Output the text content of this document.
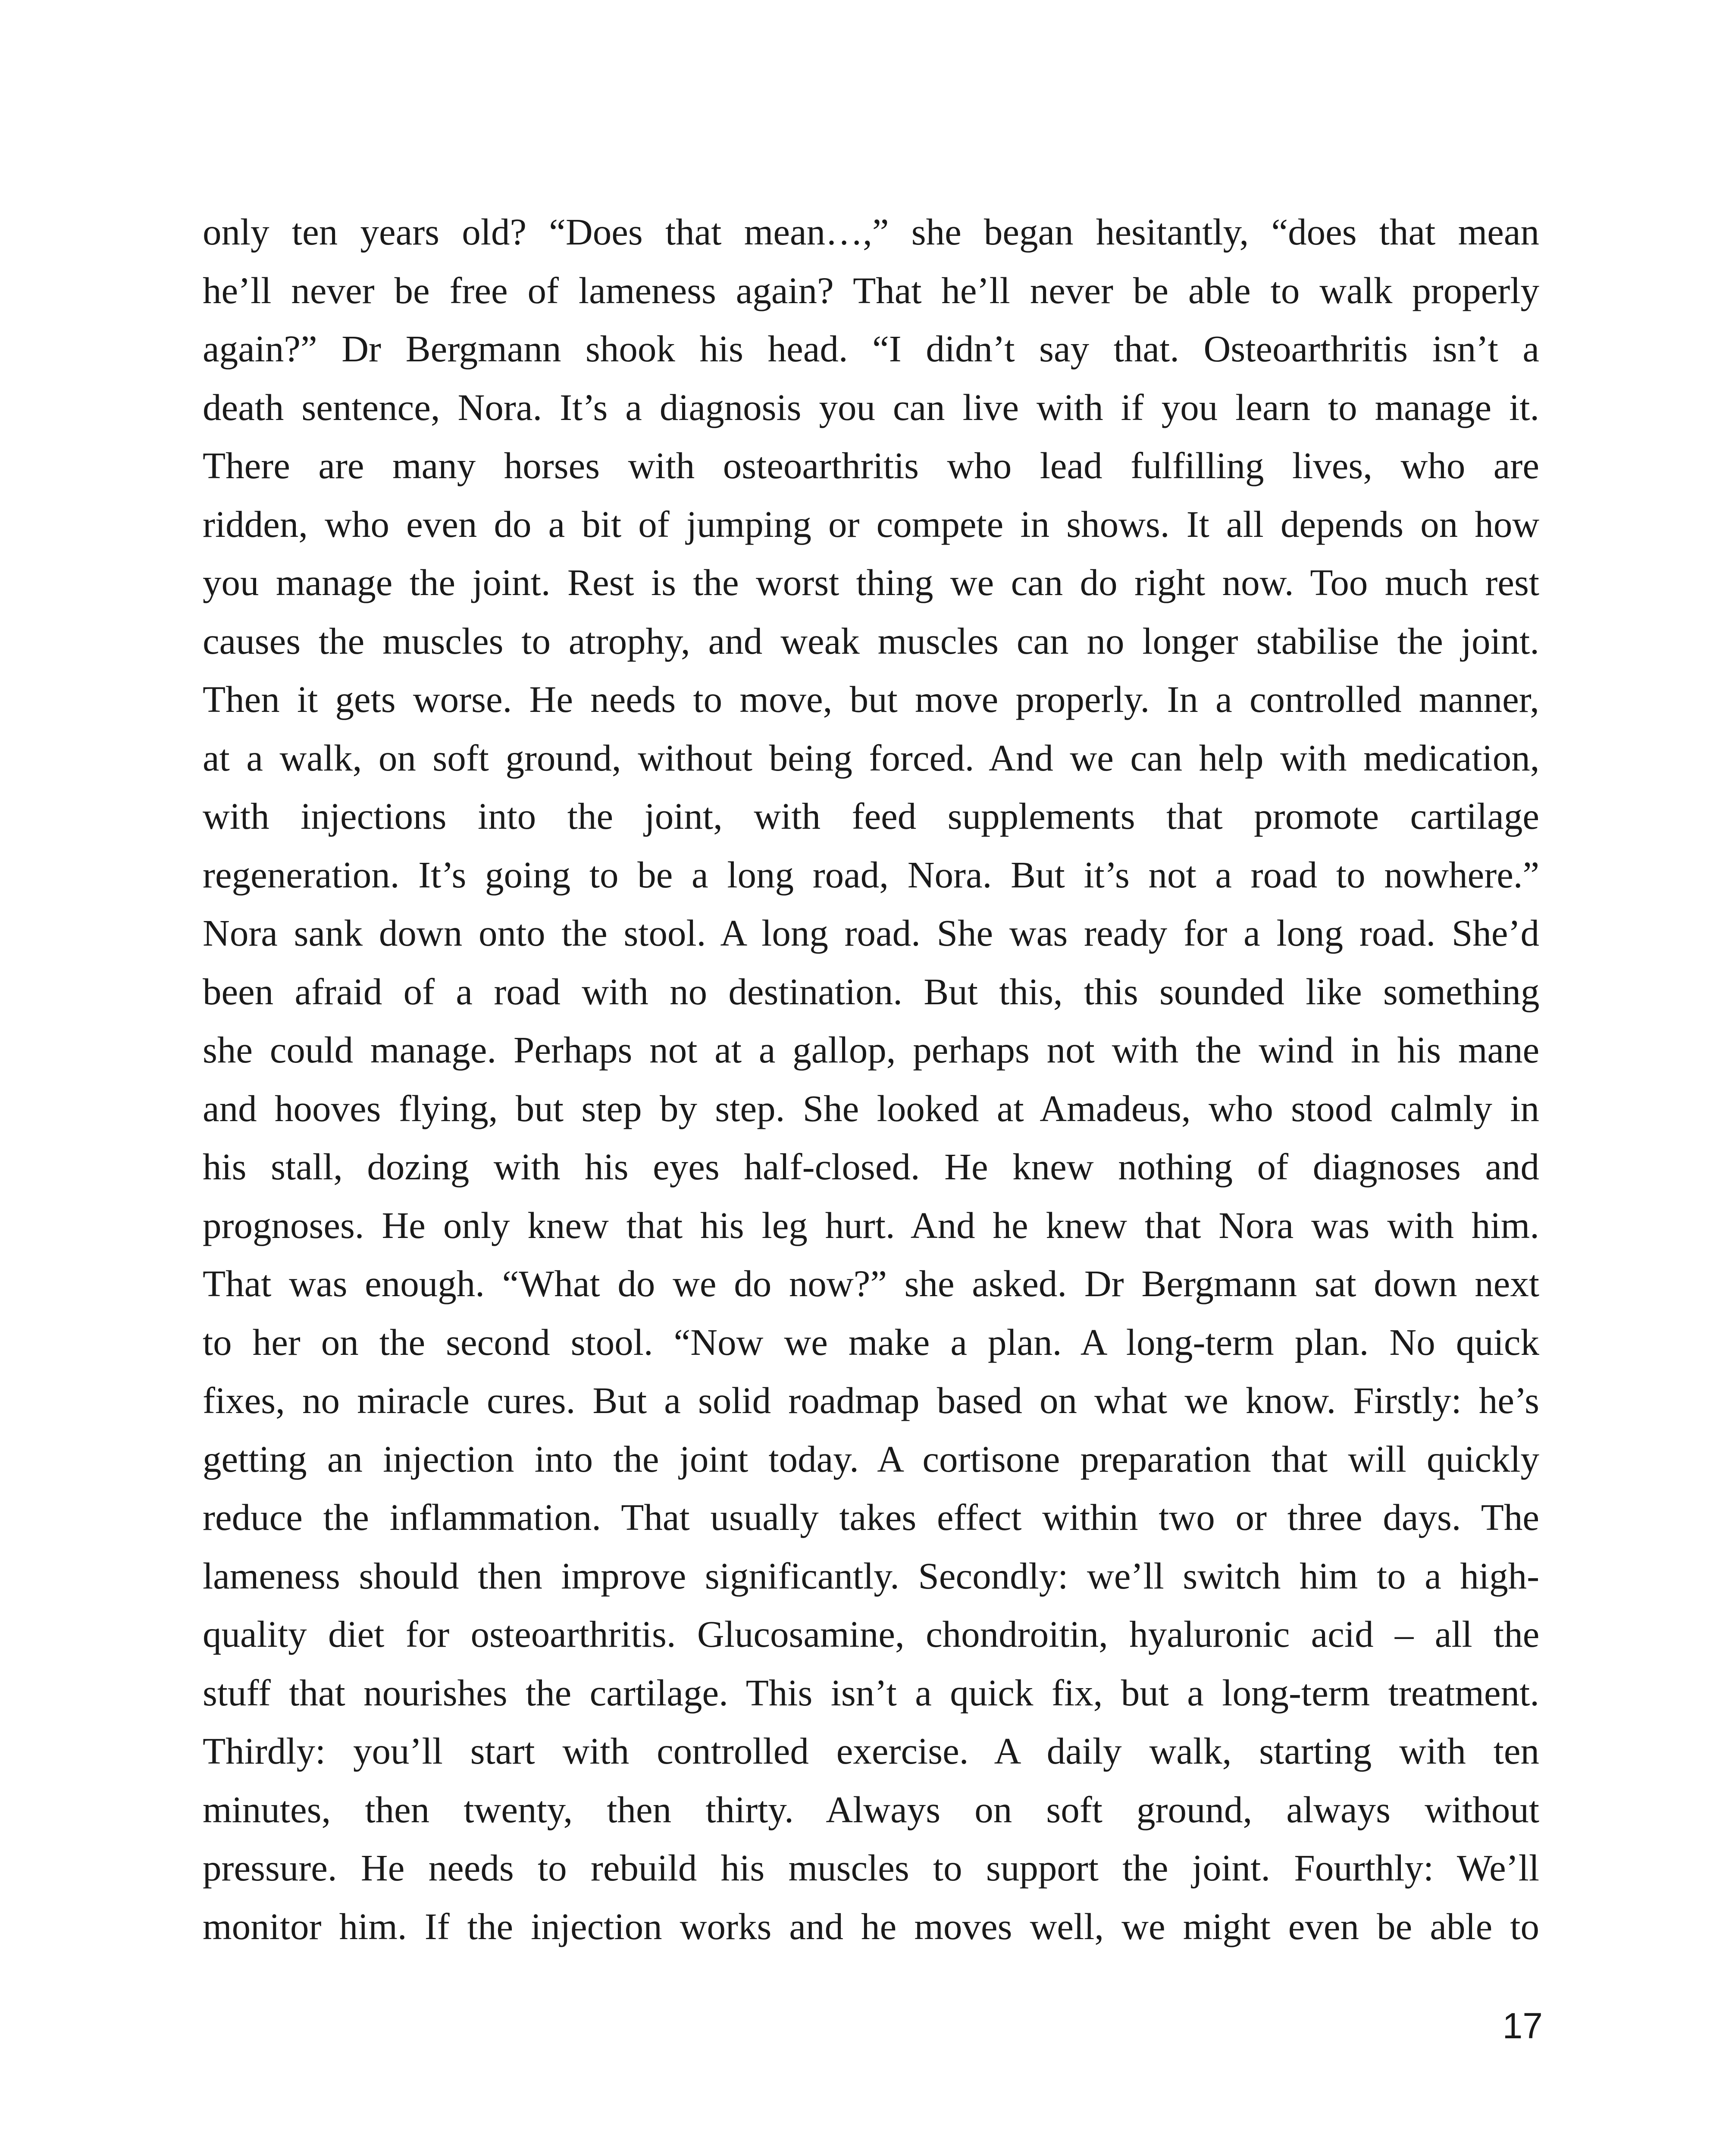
only ten years old? “Does that mean…,” she began hesitantly, “does that mean
he’ll never be free of lameness again? That he’ll never be able to walk properly
again?” Dr Bergmann shook his head. “I didn’t say that. Osteoarthritis isn’t a
death sentence, Nora. It’s a diagnosis you can live with if you learn to manage it.
There are many horses with osteoarthritis who lead fulfilling lives, who are
ridden, who even do a bit of jumping or compete in shows. It all depends on how
you manage the joint. Rest is the worst thing we can do right now. Too much rest
causes the muscles to atrophy, and weak muscles can no longer stabilise the joint.
Then it gets worse. He needs to move, but move properly. In a controlled manner,
at a walk, on soft ground, without being forced. And we can help with medication,
with injections into the joint, with feed supplements that promote cartilage
regeneration. It’s going to be a long road, Nora. But it’s not a road to nowhere.”
Nora sank down onto the stool. A long road. She was ready for a long road. She’d
been afraid of a road with no destination. But this, this sounded like something
she could manage. Perhaps not at a gallop, perhaps not with the wind in his mane
and hooves flying, but step by step. She looked at Amadeus, who stood calmly in
his stall, dozing with his eyes half-closed. He knew nothing of diagnoses and
prognoses. He only knew that his leg hurt. And he knew that Nora was with him.
That was enough. “What do we do now?” she asked. Dr Bergmann sat down next
to her on the second stool. “Now we make a plan. A long-term plan. No quick
fixes, no miracle cures. But a solid roadmap based on what we know. Firstly: he’s
getting an injection into the joint today. A cortisone preparation that will quickly
reduce the inflammation. That usually takes effect within two or three days. The
lameness should then improve significantly. Secondly: we’ll switch him to a high-
quality diet for osteoarthritis. Glucosamine, chondroitin, hyaluronic acid – all the
stuff that nourishes the cartilage. This isn’t a quick fix, but a long-term treatment.
Thirdly: you’ll start with controlled exercise. A daily walk, starting with ten
minutes, then twenty, then thirty. Always on soft ground, always without
pressure. He needs to rebuild his muscles to support the joint. Fourthly: We’ll
monitor him. If the injection works and he moves well, we might even be able to
17
